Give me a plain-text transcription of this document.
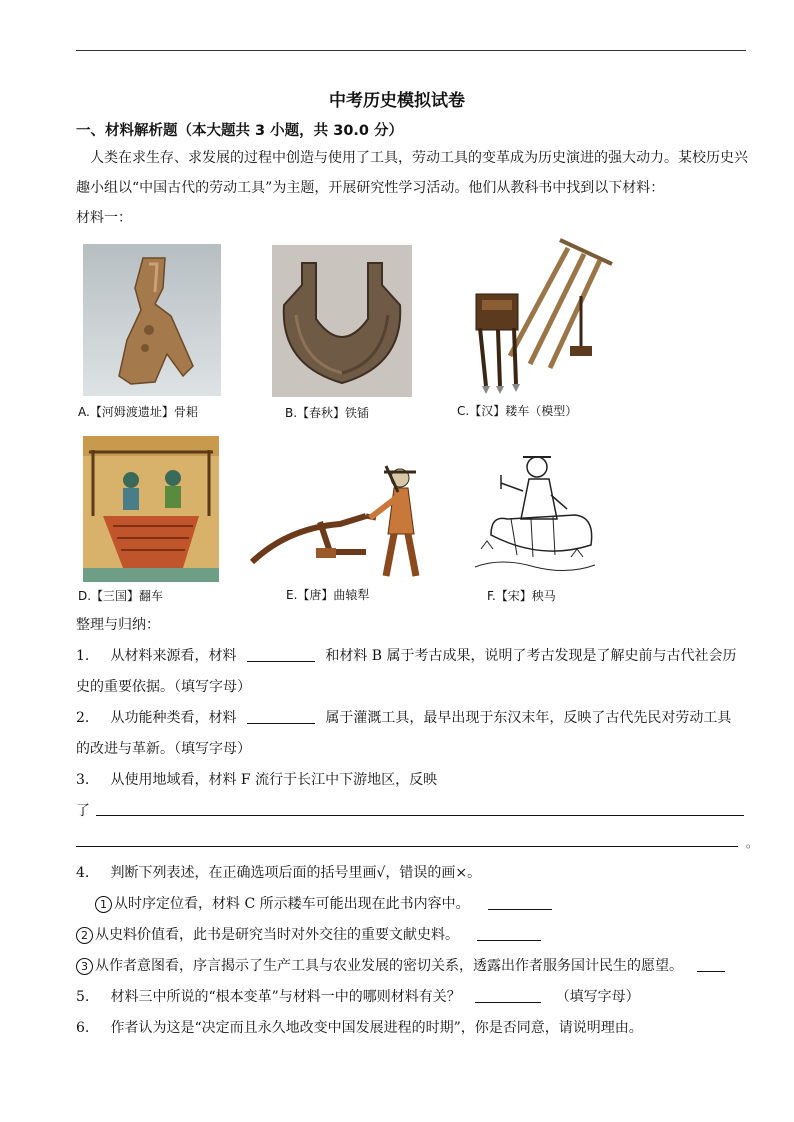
中考历史模拟试卷
一、材料解析题（本大题共 3 小题，共 30.0 分）
人类在求生存、求发展的过程中创造与使用了工具，劳动工具的变革成为历史演进的强大动力。某校历史兴趣小组以“中国古代的劳动工具”为主题，开展研究性学习活动。他们从教科书中找到以下材料：
材料一：
A.【河姆渡遗址】骨耜	B.【春秋】铁锸	C.【汉】耧车（模型）
D.【三国】翻车	E.【唐】曲辕犁	F.【宋】秧马
整理与归纳：
1. 从材料来源看，材料	和材料 B 属于考古成果，说明了考古发现是了解史前与古代社会历
史的重要依据。（填写字母）
2. 从功能种类看，材料	属于灌溉工具，最早出现于东汉末年，反映了古代先民对劳动工具
的改进与革新。（填写字母）
3. 从使用地域看，材料 F 流行于长江中下游地区，反映
了
。
4. 判断下列表述，在正确选项后面的括号里画√，错误的画×。
1 从时序定位看，材料 C 所示耧车可能出现在此书内容中。
2 从史料价值看，此书是研究当时对外交往的重要文献史料。
3 从作者意图看，序言揭示了生产工具与农业发展的密切关系，透露出作者服务国计民生的愿望。
5. 材料三中所说的“根本变革”与材料一中的哪则材料有关？	（填写字母）
6. 作者认为这是“决定而且永久地改变中国发展进程的时期”，你是否同意，请说明理由。
